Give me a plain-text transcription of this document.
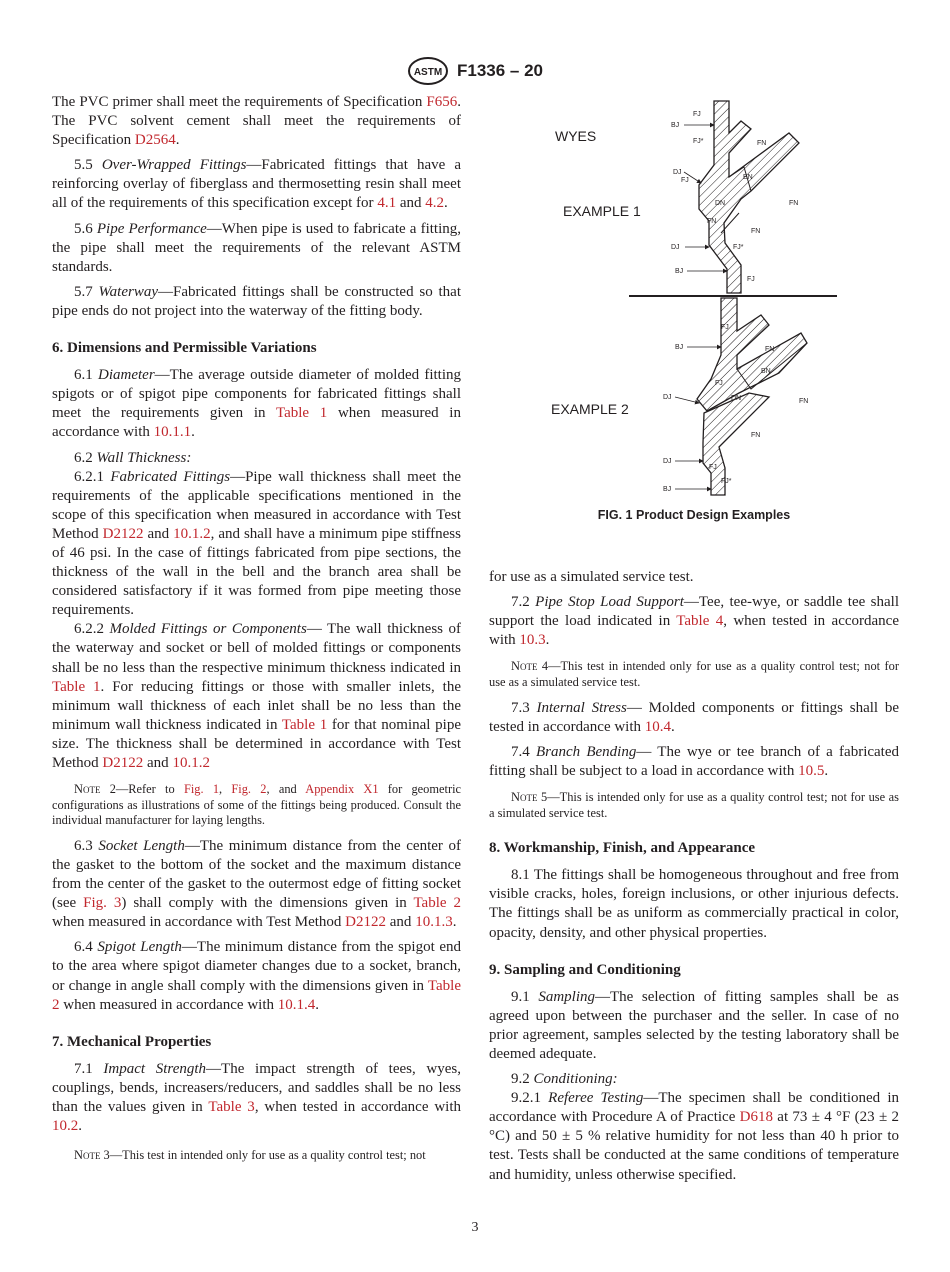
ASTM F1336 – 20

The PVC primer shall meet the requirements of Specification F656. The PVC solvent cement shall meet the requirements of Specification D2564.

5.5 Over-Wrapped Fittings—Fabricated fittings that have a reinforcing overlay of fiberglass and thermosetting resin shall meet all of the requirements of this specification except for 4.1 and 4.2.

5.6 Pipe Performance—When pipe is used to fabricate a fitting, the pipe shall meet the requirements of the relevant ASTM standards.

5.7 Waterway—Fabricated fittings shall be constructed so that pipe ends do not project into the waterway of the fitting body.

6. Dimensions and Permissible Variations

6.1 Diameter—The average outside diameter of molded fitting spigots or of spigot pipe components for fabricated fittings shall meet the requirements given in Table 1 when measured in accordance with 10.1.1.

6.2 Wall Thickness:

6.2.1 Fabricated Fittings—Pipe wall thickness shall meet the requirements of the applicable specifications mentioned in the scope of this specification when measured in accordance with Test Method D2122 and 10.1.2, and shall have a minimum pipe stiffness of 46 psi. In the case of fittings fabricated from pipe sections, the thickness of the wall in the bell and the branch area shall be considered satisfactory if it was formed from pipe meeting those requirements.

6.2.2 Molded Fittings or Components— The wall thickness of the waterway and socket or bell of molded fittings or components shall be no less than the respective minimum thickness indicated in Table 1. For reducing fittings or those with smaller inlets, the minimum wall thickness of each inlet shall be no less than the minimum wall thickness indicated in Table 1 for that nominal pipe size. The thickness shall be determined in accordance with Test Method D2122 and 10.1.2

Note 2—Refer to Fig. 1, Fig. 2, and Appendix X1 for geometric configurations as illustrations of some of the fittings being produced. Consult the individual manufacturer for laying lengths.

6.3 Socket Length—The minimum distance from the center of the gasket to the bottom of the socket and the maximum distance from the center of the gasket to the outermost edge of fitting socket (see Fig. 3) shall comply with the dimensions given in Table 2 when measured in accordance with Test Method D2122 and 10.1.3.

6.4 Spigot Length—The minimum distance from the spigot end to the area where spigot diameter changes due to a socket, branch, or change in angle shall comply with the dimensions given in Table 2 when measured in accordance with 10.1.4.

7. Mechanical Properties

7.1 Impact Strength—The impact strength of tees, wyes, couplings, bends, increasers/reducers, and saddles shall be no less than the values given in Table 3, when tested in accordance with 10.2.

Note 3—This test in intended only for use as a quality control test; not
WYES
EXAMPLE 1
EXAMPLE 2
FJ
BJ
FJ*	FN
DJ
FJ	BN
DN	FN
FN
FN
DJ	FJ*
BJ
FJ
FJ
BJ	FN
FJ
BN
DJ	DN	FN
FN
DJ
FJ
BJ
FJ*
FIG. 1 Product Design Examples

for use as a simulated service test.

7.2 Pipe Stop Load Support—Tee, tee-wye, or saddle tee shall support the load indicated in Table 4, when tested in accordance with 10.3.

Note 4—This test in intended only for use as a quality control test; not for use as a simulated service test.

7.3 Internal Stress— Molded components or fittings shall be tested in accordance with 10.4.

7.4 Branch Bending— The wye or tee branch of a fabricated fitting shall be subject to a load in accordance with 10.5.

Note 5—This is intended only for use as a quality control test; not for use as a simulated service test.
8. Workmanship, Finish, and Appearance

8.1 The fittings shall be homogeneous throughout and free from visible cracks, holes, foreign inclusions, or other injurious defects. The fittings shall be as uniform as commercially practical in color, opacity, density, and other physical properties.

9. Sampling and Conditioning

9.1 Sampling—The selection of fitting samples shall be as agreed upon between the purchaser and the seller. In case of no prior agreement, samples selected by the testing laboratory shall be deemed adequate.

9.2 Conditioning:

9.2.1 Referee Testing—The specimen shall be conditioned in accordance with Procedure A of Practice D618 at 73 ± 4 °F (23 ± 2 °C) and 50 ± 5 % relative humidity for not less than 40 h prior to test. Tests shall be conducted at the same conditions of temperature and humidity, unless otherwise specified.

3
